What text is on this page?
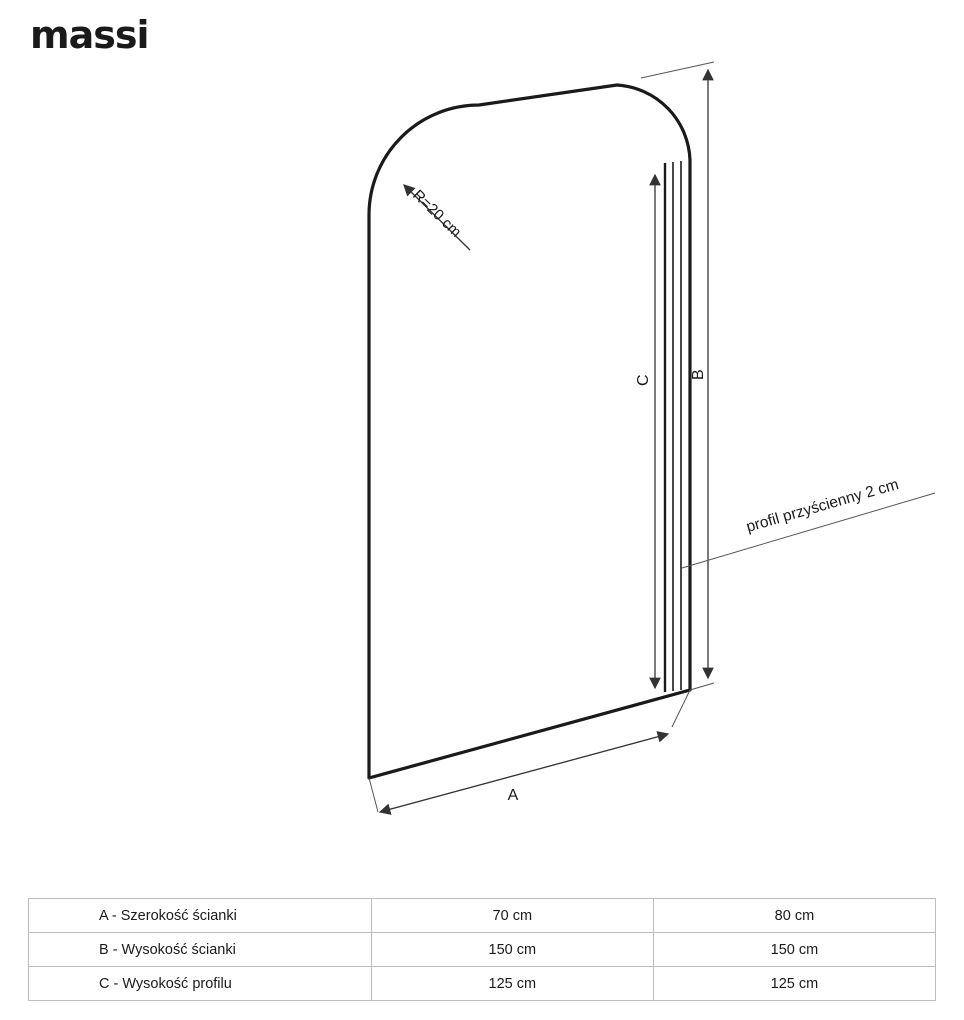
massi
R=20 cm
B
C
A
profil przyścienny 2 cm
A - Szerokość ścianki	70 cm	80 cm
B - Wysokość ścianki	150 cm	150 cm
C - Wysokość profilu	125 cm	125 cm
